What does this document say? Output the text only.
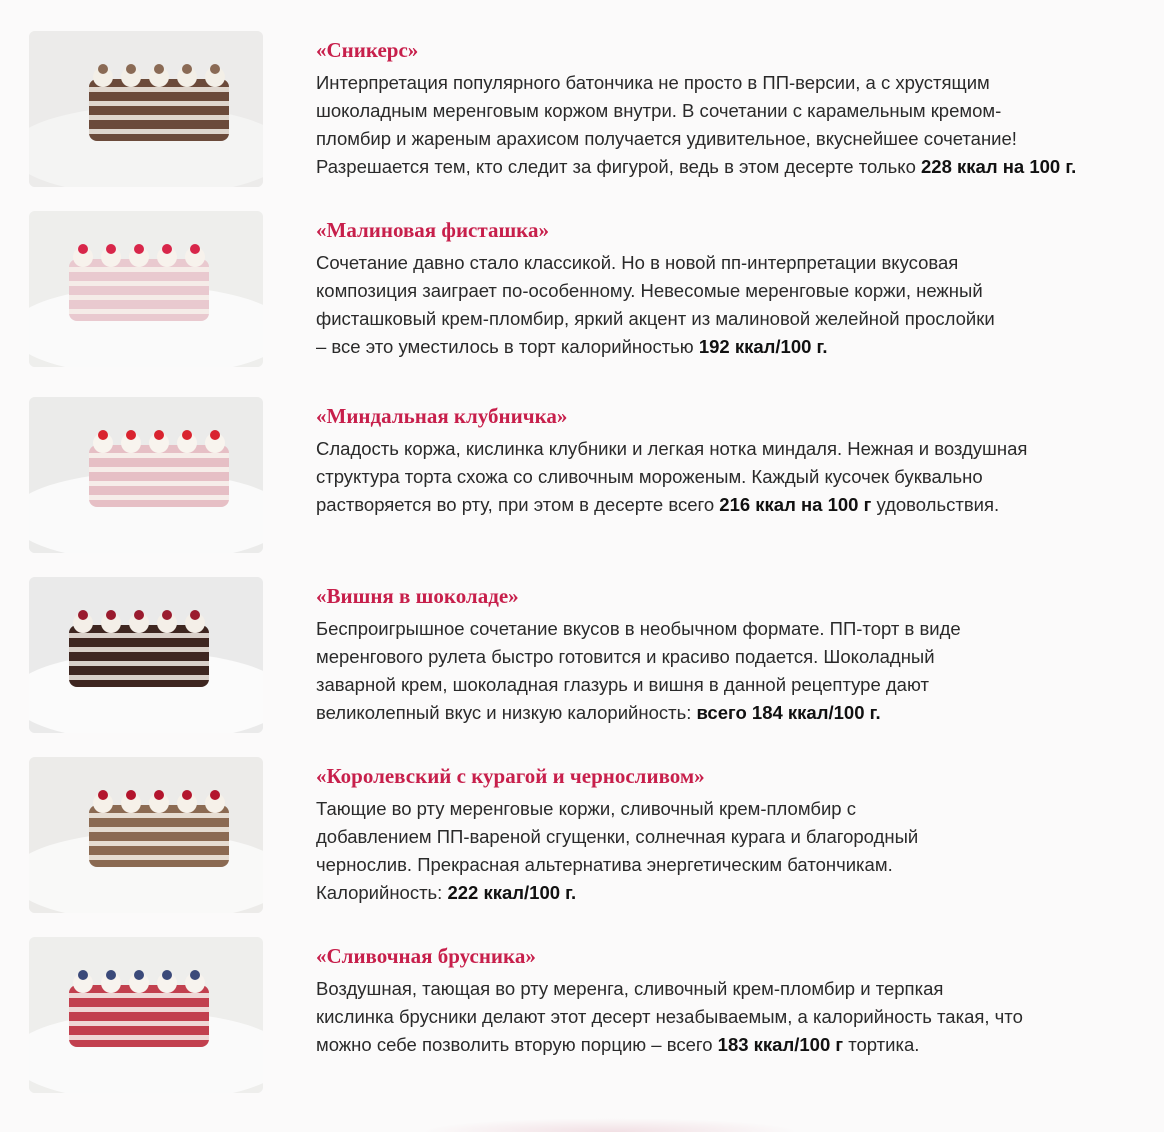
«Сникерс»
Интерпретация популярного батончика не просто в ПП-версии, а с хрустящим
шоколадным меренговым коржом внутри. В сочетании с карамельным кремом-
пломбир и жареным арахисом получается удивительное, вкуснейшее сочетание!
Разрешается тем, кто следит за фигурой, ведь в этом десерте только 228 ккал на 100 г.
«Малиновая фисташка»
Сочетание давно стало классикой. Но в новой пп-интерпретации вкусовая
композиция заиграет по-особенному. Невесомые меренговые коржи, нежный
фисташковый крем-пломбир, яркий акцент из малиновой желейной прослойки
– все это уместилось в торт калорийностью 192 ккал/100 г.
«Миндальная клубничка»
Сладость коржа, кислинка клубники и легкая нотка миндаля. Нежная и воздушная
структура торта схожа со сливочным мороженым. Каждый кусочек буквально
растворяется во рту, при этом в десерте всего 216 ккал на 100 г удовольствия.
«Вишня в шоколаде»
Беспроигрышное сочетание вкусов в необычном формате. ПП-торт в виде
меренгового рулета быстро готовится и красиво подается. Шоколадный
заварной крем, шоколадная глазурь и вишня в данной рецептуре дают
великолепный вкус и низкую калорийность: всего 184 ккал/100 г.
«Королевский с курагой и черносливом»
Тающие во рту меренговые коржи, сливочный крем-пломбир с
добавлением ПП-вареной сгущенки, солнечная курага и благородный
чернослив. Прекрасная альтернатива энергетическим батончикам.
Калорийность: 222 ккал/100 г.
«Сливочная брусника»
Воздушная, тающая во рту меренга, сливочный крем-пломбир и терпкая
кислинка брусники делают этот десерт незабываемым, а калорийность такая, что
можно себе позволить вторую порцию – всего 183 ккал/100 г тортика.
